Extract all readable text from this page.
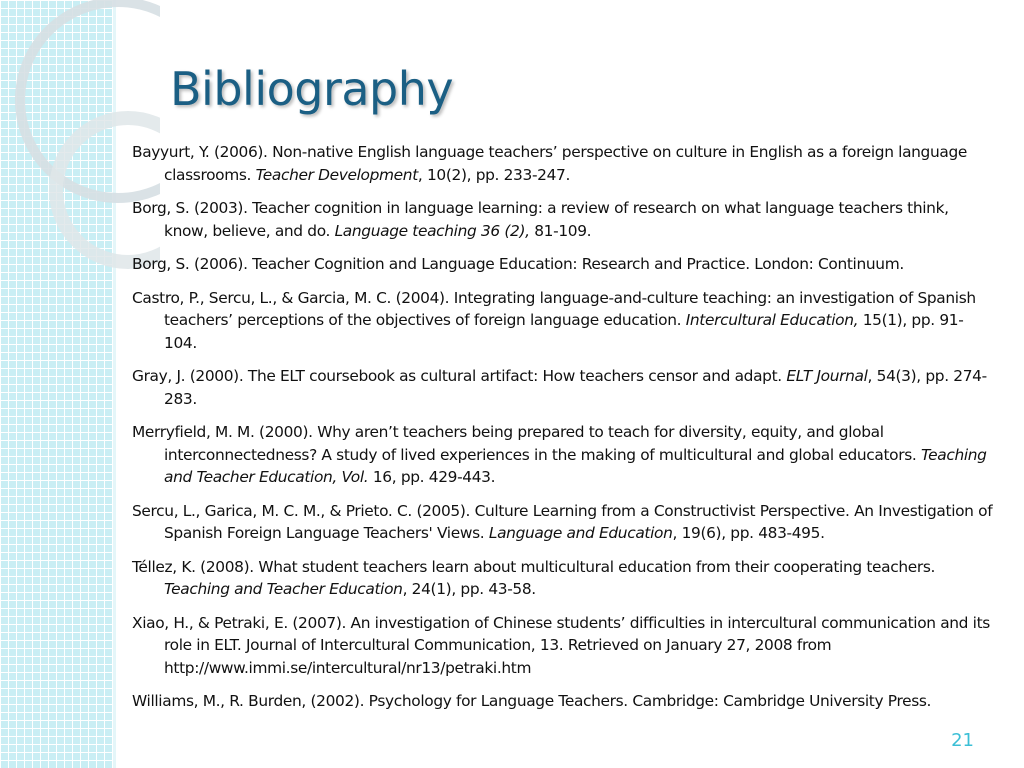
Bibliography
Bayyurt, Y. (2006). Non-native English language teachers’ perspective on culture in English as a foreign language classrooms. Teacher Development, 10(2), pp. 233-247.
Borg, S. (2003). Teacher cognition in language learning: a review of research on what language teachers think, know, believe, and do. Language teaching 36 (2), 81-109.
Borg, S. (2006). Teacher Cognition and Language Education: Research and Practice. London: Continuum.
Castro, P., Sercu, L., & Garcia, M. C. (2004). Integrating language-and-culture teaching: an investigation of Spanish teachers’ perceptions of the objectives of foreign language education. Intercultural Education, 15(1), pp. 91-104.
Gray, J. (2000). The ELT coursebook as cultural artifact: How teachers censor and adapt. ELT Journal, 54(3), pp. 274-283.
Merryfield, M. M. (2000). Why aren’t teachers being prepared to teach for diversity, equity, and global interconnectedness? A study of lived experiences in the making of multicultural and global educators. Teaching and Teacher Education, Vol. 16, pp. 429-443.
Sercu, L., Garica, M. C. M., & Prieto. C. (2005). Culture Learning from a Constructivist Perspective. An Investigation of Spanish Foreign Language Teachers' Views. Language and Education, 19(6), pp. 483-495.
Téllez, K. (2008). What student teachers learn about multicultural education from their cooperating teachers. Teaching and Teacher Education, 24(1), pp. 43-58.
Xiao, H., & Petraki, E. (2007). An investigation of Chinese students’ difficulties in intercultural communication and its role in ELT. Journal of Intercultural Communication, 13. Retrieved on January 27, 2008 from http://www.immi.se/intercultural/nr13/petraki.htm
Williams, M., R. Burden, (2002). Psychology for Language Teachers. Cambridge: Cambridge University Press.
21
